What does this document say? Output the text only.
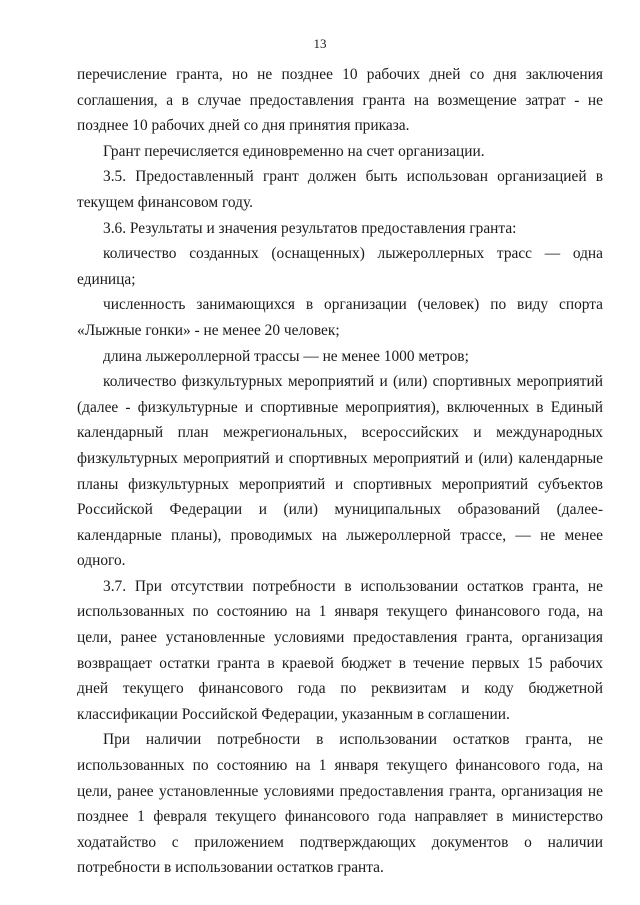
13

перечисление гранта, но не позднее 10 рабочих дней со дня заключения соглашения, а в случае предоставления гранта на возмещение затрат - не позднее 10 рабочих дней со дня принятия приказа.

Грант перечисляется единовременно на счет организации.

3.5. Предоставленный грант должен быть использован организацией в текущем финансовом году.

3.6. Результаты и значения результатов предоставления гранта:

количество созданных (оснащенных) лыжероллерных трасс — одна единица;

численность занимающихся в организации (человек) по виду спорта «Лыжные гонки» - не менее 20 человек;

длина лыжероллерной трассы — не менее 1000 метров;

количество физкультурных мероприятий и (или) спортивных мероприятий (далее - физкультурные и спортивные мероприятия), включенных в Единый календарный план межрегиональных, всероссийских и международных физкультурных мероприятий и спортивных мероприятий и (или) календарные планы физкультурных мероприятий и спортивных мероприятий субъектов Российской Федерации и (или) муниципальных образований (далее-календарные планы), проводимых на лыжероллерной трассе, — не менее одного.

3.7. При отсутствии потребности в использовании остатков гранта, не использованных по состоянию на 1 января текущего финансового года, на цели, ранее установленные условиями предоставления гранта, организация возвращает остатки гранта в краевой бюджет в течение первых 15 рабочих дней текущего финансового года по реквизитам и коду бюджетной классификации Российской Федерации, указанным в соглашении.

При наличии потребности в использовании остатков гранта, не использованных по состоянию на 1 января текущего финансового года, на цели, ранее установленные условиями предоставления гранта, организация не позднее 1 февраля текущего финансового года направляет в министерство ходатайство с приложением подтверждающих документов о наличии потребности в использовании остатков гранта.
